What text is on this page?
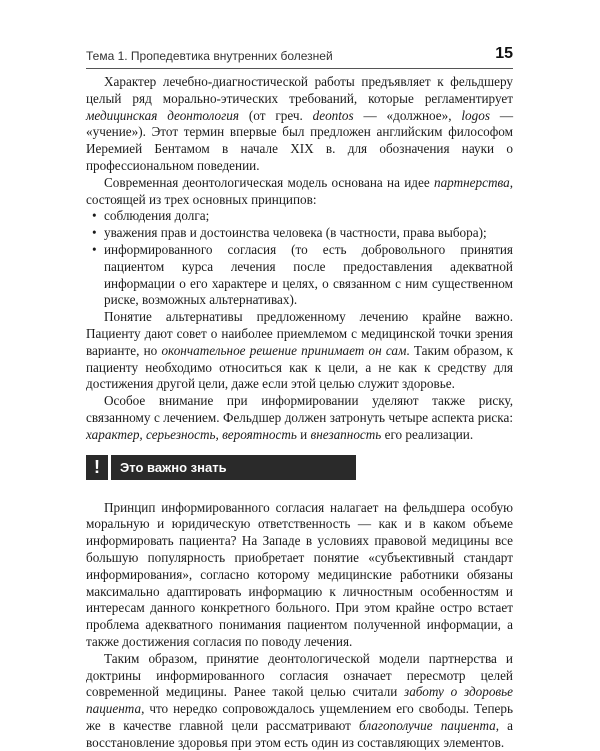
Тема 1. Пропедевтика внутренних болезней	15

Характер лечебно-диагностической работы предъявляет к фельдшеру целый ряд морально-этических требований, которые регламентирует медицинская деонтология (от греч. deontos — «должное», logos — «учение»). Этот термин впервые был предложен английским философом Иеремией Бентамом в начале XIX в. для обозначения науки о профессиональном поведении.

Современная деонтологическая модель основана на идее партнерства, состоящей из трех основных принципов:

• соблюдения долга;
• уважения прав и достоинства человека (в частности, права выбора);
• информированного согласия (то есть добровольного принятия пациентом курса лечения после предоставления адекватной информации о его характере и целях, о связанном с ним существенном риске, возможных альтернативах).

Понятие альтернативы предложенному лечению крайне важно. Пациенту дают совет о наиболее приемлемом с медицинской точки зрения варианте, но окончательное решение принимает он сам. Таким образом, к пациенту необходимо относиться как к цели, а не как к средству для достижения другой цели, даже если этой целью служит здоровье.

Особое внимание при информировании уделяют также риску, связанному с лечением. Фельдшер должен затронуть четыре аспекта риска: характер, серьезность, вероятность и внезапность его реализации.

!	Это важно знать

Принцип информированного согласия налагает на фельдшера особую моральную и юридическую ответственность — как и в каком объеме информировать пациента? На Западе в условиях правовой медицины все большую популярность приобретает понятие «субъективный стандарт информирования», согласно которому медицинские работники обязаны максимально адаптировать информацию к личностным особенностям и интересам данного конкретного больного. При этом крайне остро встает проблема адекватного понимания пациентом полученной информации, а также достижения согласия по поводу лечения.

Таким образом, принятие деонтологической модели партнерства и доктрины информированного согласия означает пересмотр целей современной медицины. Ранее такой целью считали заботу о здоровье пациента, что нередко сопровождалось ущемлением его свободы. Теперь же в качестве главной цели рассматривают благополучие пациента, а восстановление здоровья при этом есть один из составляющих элементов.
